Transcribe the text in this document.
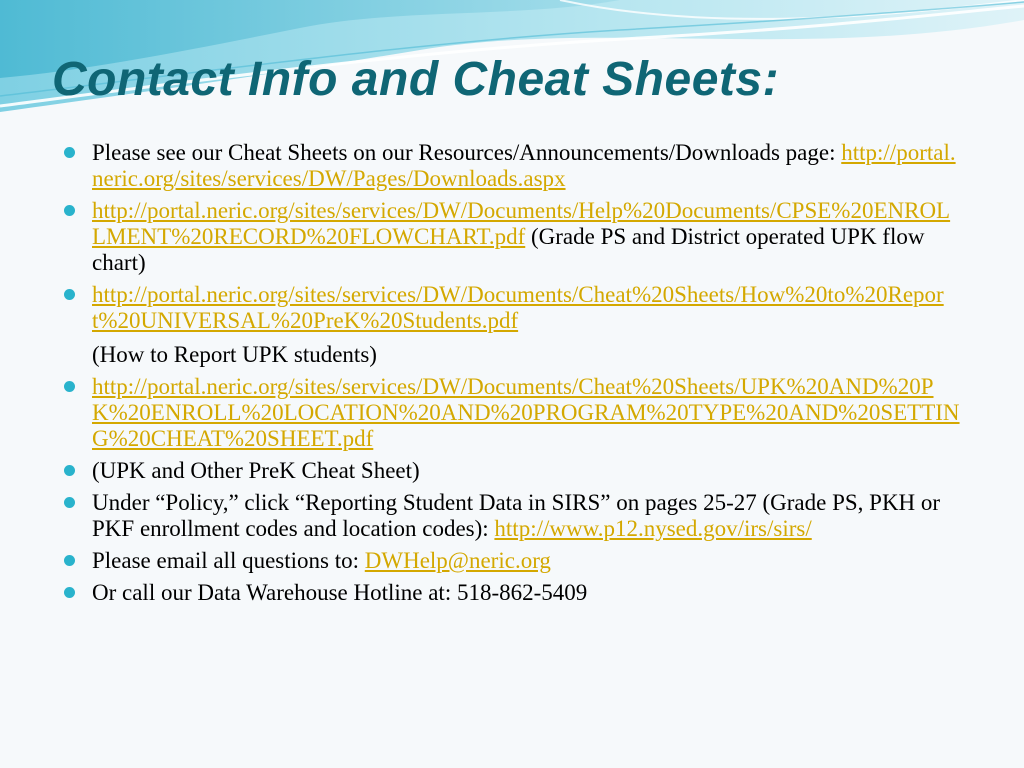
Contact Info and Cheat Sheets:
Please see our Cheat Sheets on our Resources/Announcements/Downloads page: http://portal.neric.org/sites/services/DW/Pages/Downloads.aspx
http://portal.neric.org/sites/services/DW/Documents/Help%20Documents/CPSE%20ENROLLMENT%20RECORD%20FLOWCHART.pdf (Grade PS and District operated UPK flow chart)
http://portal.neric.org/sites/services/DW/Documents/Cheat%20Sheets/How%20to%20Report%20UNIVERSAL%20PreK%20Students.pdf
(How to Report UPK students)
http://portal.neric.org/sites/services/DW/Documents/Cheat%20Sheets/UPK%20AND%20PK%20ENROLL%20LOCATION%20AND%20PROGRAM%20TYPE%20AND%20SETTING%20CHEAT%20SHEET.pdf
(UPK and Other PreK Cheat Sheet)
Under “Policy,” click “Reporting Student Data in SIRS” on pages 25-27 (Grade PS, PKH or PKF enrollment codes and location codes): http://www.p12.nysed.gov/irs/sirs/
Please email all questions to: DWHelp@neric.org
Or call our Data Warehouse Hotline at: 518-862-5409
